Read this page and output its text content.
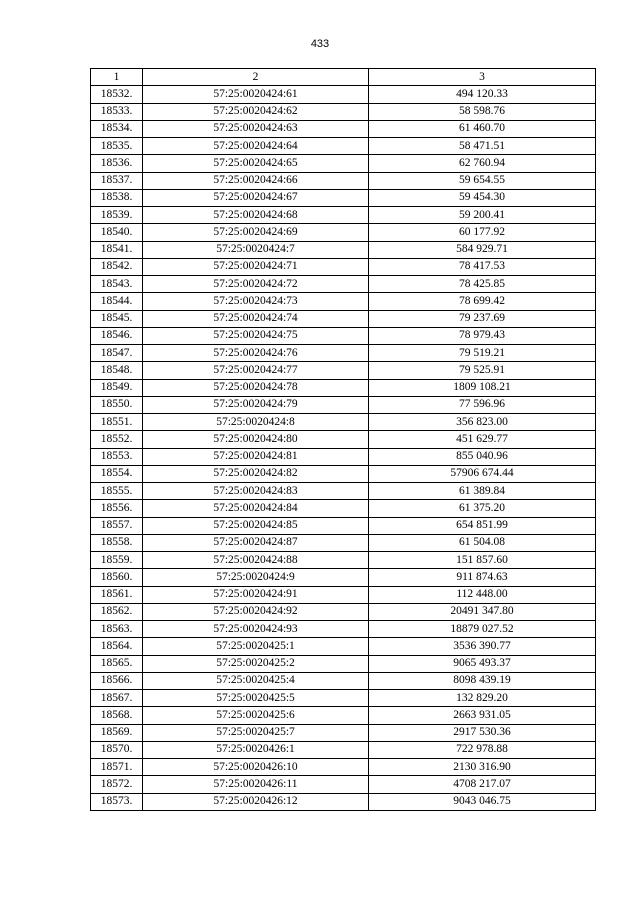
433
1	2	3
18532.	57:25:0020424:61	494 120.33
18533.	57:25:0020424:62	58 598.76
18534.	57:25:0020424:63	61 460.70
18535.	57:25:0020424:64	58 471.51
18536.	57:25:0020424:65	62 760.94
18537.	57:25:0020424:66	59 654.55
18538.	57:25:0020424:67	59 454.30
18539.	57:25:0020424:68	59 200.41
18540.	57:25:0020424:69	60 177.92
18541.	57:25:0020424:7	584 929.71
18542.	57:25:0020424:71	78 417.53
18543.	57:25:0020424:72	78 425.85
18544.	57:25:0020424:73	78 699.42
18545.	57:25:0020424:74	79 237.69
18546.	57:25:0020424:75	78 979.43
18547.	57:25:0020424:76	79 519.21
18548.	57:25:0020424:77	79 525.91
18549.	57:25:0020424:78	1809 108.21
18550.	57:25:0020424:79	77 596.96
18551.	57:25:0020424:8	356 823.00
18552.	57:25:0020424:80	451 629.77
18553.	57:25:0020424:81	855 040.96
18554.	57:25:0020424:82	57906 674.44
18555.	57:25:0020424:83	61 389.84
18556.	57:25:0020424:84	61 375.20
18557.	57:25:0020424:85	654 851.99
18558.	57:25:0020424:87	61 504.08
18559.	57:25:0020424:88	151 857.60
18560.	57:25:0020424:9	911 874.63
18561.	57:25:0020424:91	112 448.00
18562.	57:25:0020424:92	20491 347.80
18563.	57:25:0020424:93	18879 027.52
18564.	57:25:0020425:1	3536 390.77
18565.	57:25:0020425:2	9065 493.37
18566.	57:25:0020425:4	8098 439.19
18567.	57:25:0020425:5	132 829.20
18568.	57:25:0020425:6	2663 931.05
18569.	57:25:0020425:7	2917 530.36
18570.	57:25:0020426:1	722 978.88
18571.	57:25:0020426:10	2130 316.90
18572.	57:25:0020426:11	4708 217.07
18573.	57:25:0020426:12	9043 046.75
